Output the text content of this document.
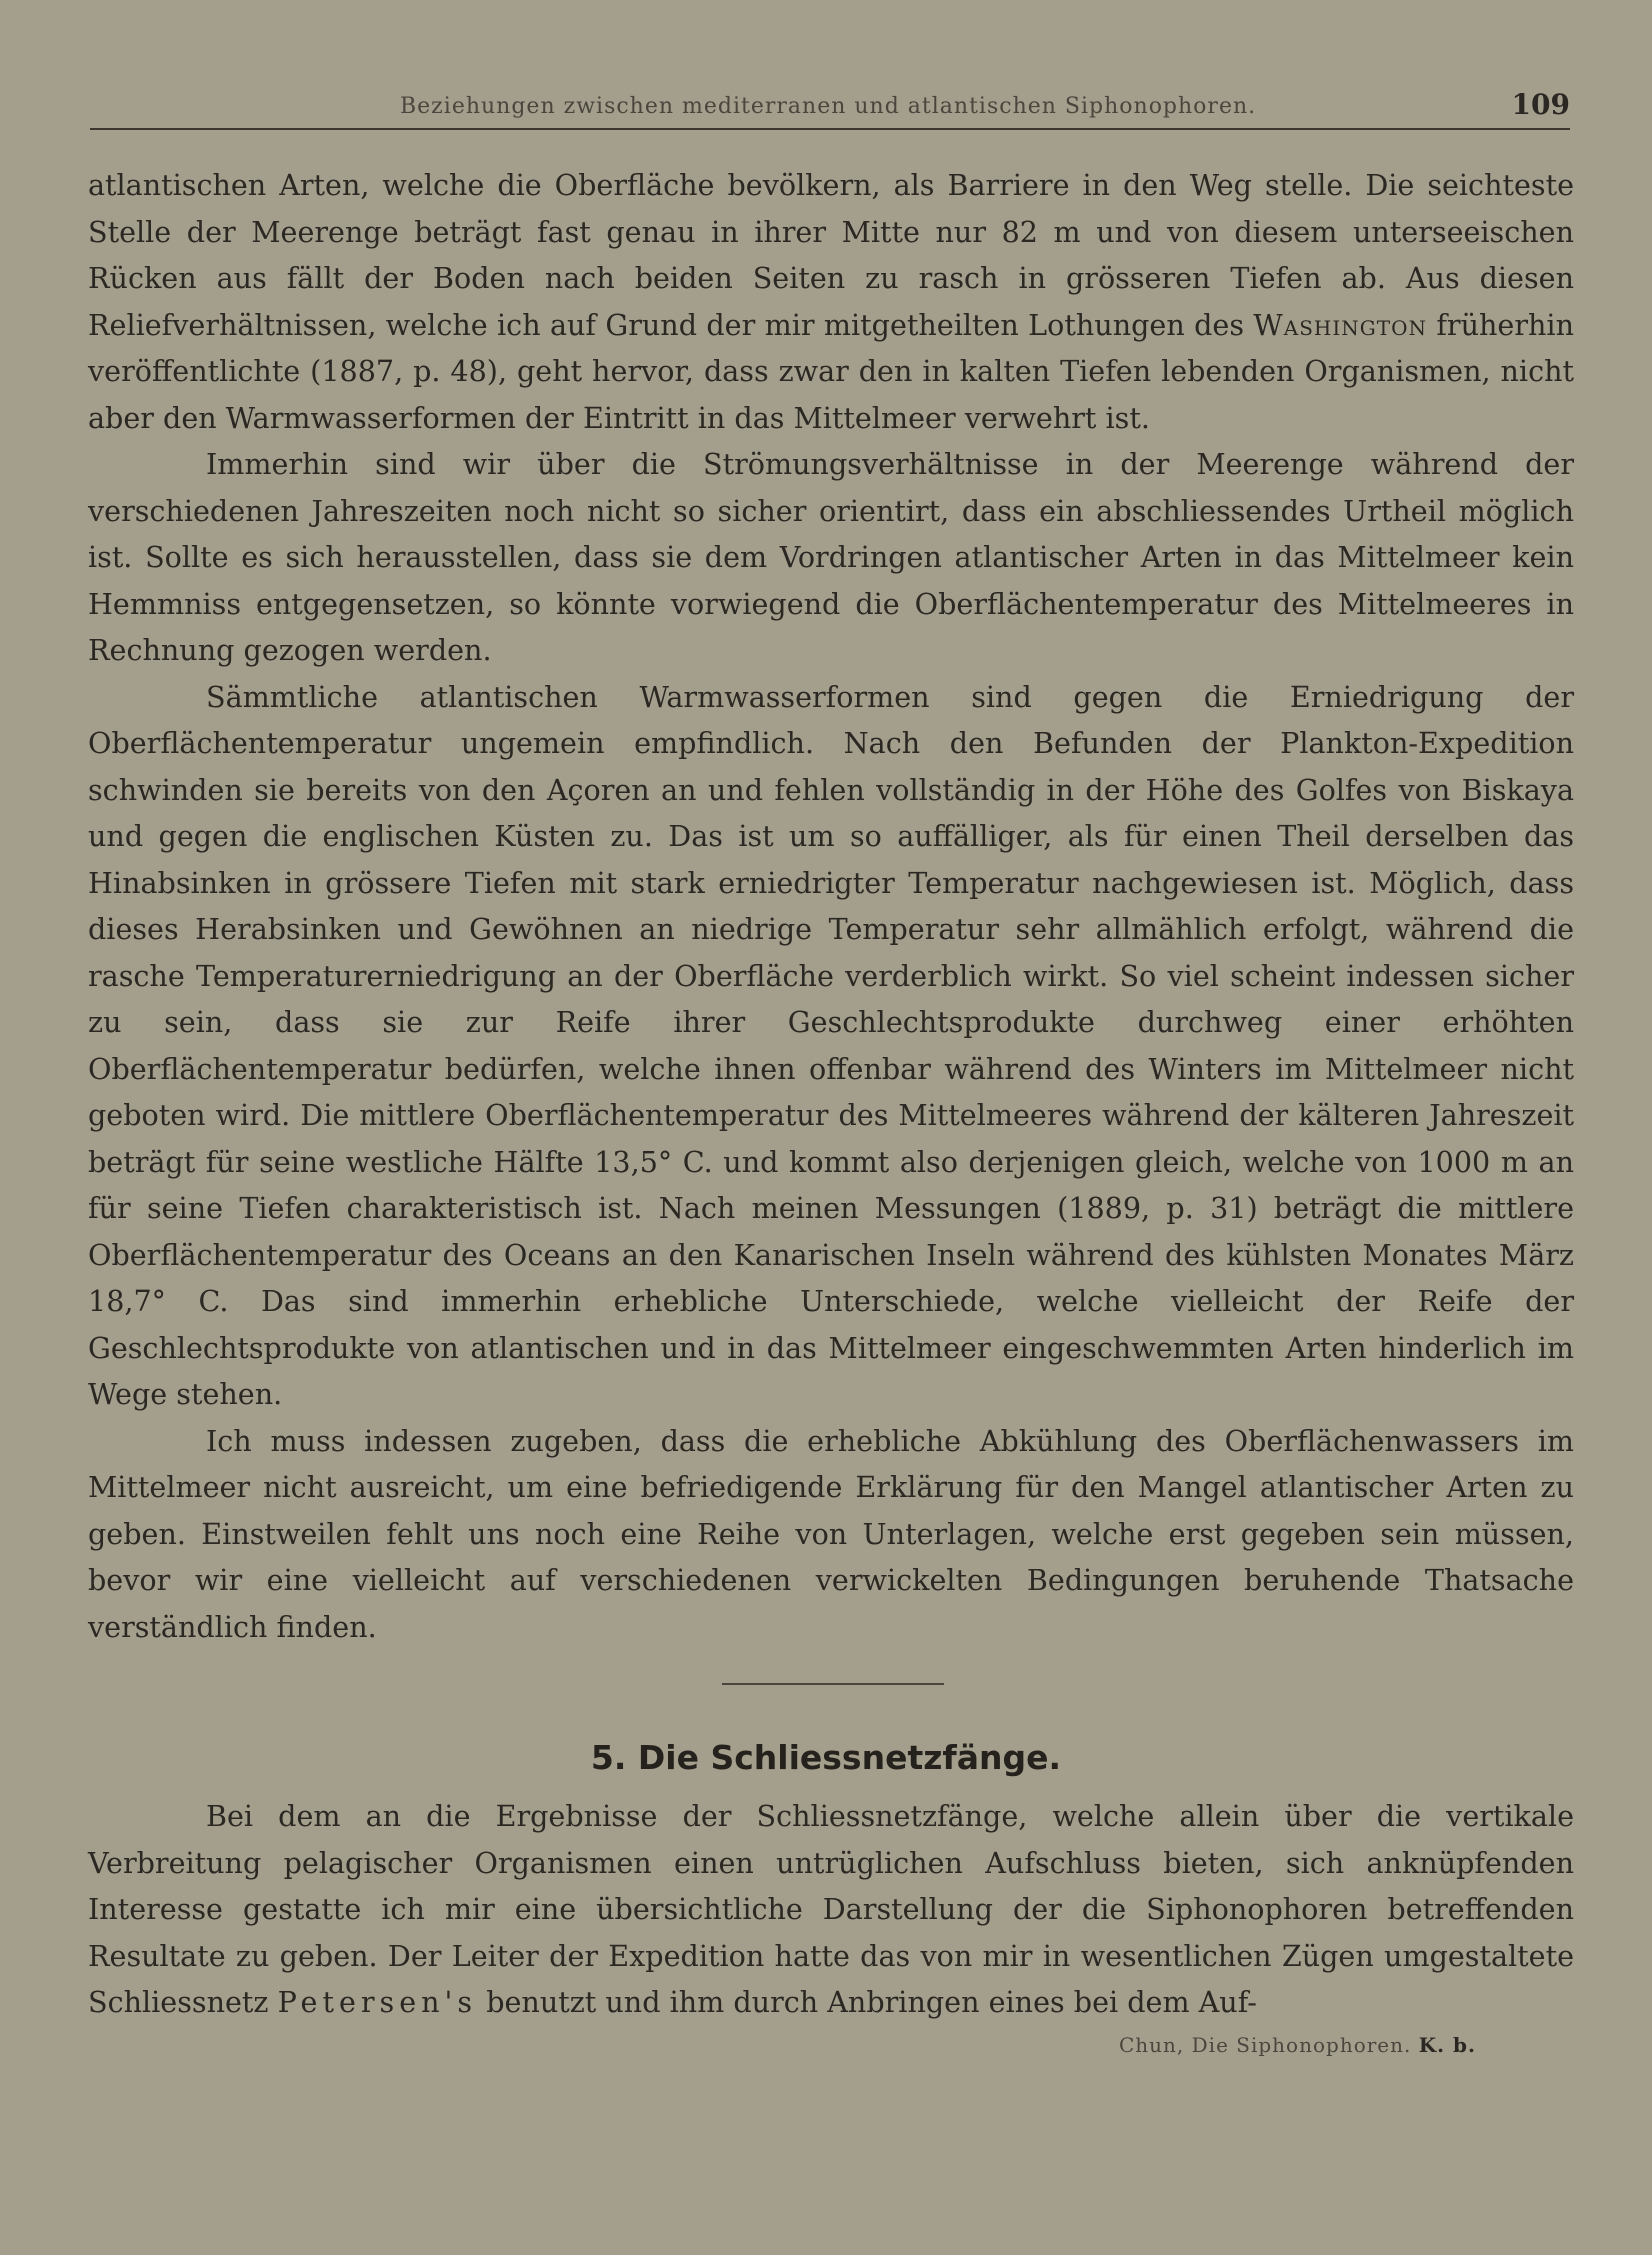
Beziehungen zwischen mediterranen und atlantischen Siphonophoren.	109

atlantischen Arten, welche die Oberfläche bevölkern, als Barriere in den Weg stelle. Die seichteste Stelle der Meerenge beträgt fast genau in ihrer Mitte nur 82 m und von diesem unterseeischen Rücken aus fällt der Boden nach beiden Seiten zu rasch in grösseren Tiefen ab. Aus diesen Reliefverhältnissen, welche ich auf Grund der mir mitgetheilten Lothungen des Washington früherhin veröffentlichte (1887, p. 48), geht hervor, dass zwar den in kalten Tiefen lebenden Organismen, nicht aber den Warmwasserformen der Eintritt in das Mittelmeer verwehrt ist.

Immerhin sind wir über die Strömungsverhältnisse in der Meerenge während der verschiedenen Jahreszeiten noch nicht so sicher orientirt, dass ein abschliessendes Urtheil möglich ist. Sollte es sich herausstellen, dass sie dem Vordringen atlantischer Arten in das Mittelmeer kein Hemmniss entgegensetzen, so könnte vorwiegend die Oberflächentemperatur des Mittelmeeres in Rechnung gezogen werden.

Sämmtliche atlantischen Warmwasserformen sind gegen die Erniedrigung der Oberflächentemperatur ungemein empfindlich. Nach den Befunden der Plankton-Expedition schwinden sie bereits von den Açoren an und fehlen vollständig in der Höhe des Golfes von Biskaya und gegen die englischen Küsten zu. Das ist um so auffälliger, als für einen Theil derselben das Hinabsinken in grössere Tiefen mit stark erniedrigter Temperatur nachgewiesen ist. Möglich, dass dieses Herabsinken und Gewöhnen an niedrige Temperatur sehr allmählich erfolgt, während die rasche Temperaturerniedrigung an der Oberfläche verderblich wirkt. So viel scheint indessen sicher zu sein, dass sie zur Reife ihrer Geschlechtsprodukte durchweg einer erhöhten Oberflächentemperatur bedürfen, welche ihnen offenbar während des Winters im Mittelmeer nicht geboten wird. Die mittlere Oberflächentemperatur des Mittelmeeres während der kälteren Jahreszeit beträgt für seine westliche Hälfte 13,5° C. und kommt also derjenigen gleich, welche von 1000 m an für seine Tiefen charakteristisch ist. Nach meinen Messungen (1889, p. 31) beträgt die mittlere Oberflächentemperatur des Oceans an den Kanarischen Inseln während des kühlsten Monates März 18,7° C. Das sind immerhin erhebliche Unterschiede, welche vielleicht der Reife der Geschlechtsprodukte von atlantischen und in das Mittelmeer eingeschwemmten Arten hinderlich im Wege stehen.

Ich muss indessen zugeben, dass die erhebliche Abkühlung des Oberflächenwassers im Mittelmeer nicht ausreicht, um eine befriedigende Erklärung für den Mangel atlantischer Arten zu geben. Einstweilen fehlt uns noch eine Reihe von Unterlagen, welche erst gegeben sein müssen, bevor wir eine vielleicht auf verschiedenen verwickelten Bedingungen beruhende Thatsache verständlich finden.

5. Die Schliessnetzfänge.

Bei dem an die Ergebnisse der Schliessnetzfänge, welche allein über die vertikale Verbreitung pelagischer Organismen einen untrüglichen Aufschluss bieten, sich anknüpfenden Interesse gestatte ich mir eine übersichtliche Darstellung der die Siphonophoren betreffenden Resultate zu geben. Der Leiter der Expedition hatte das von mir in wesentlichen Zügen umgestaltete Schliessnetz Petersen's benutzt und ihm durch Anbringen eines bei dem Auf-

Chun, Die Siphonophoren. K. b.
